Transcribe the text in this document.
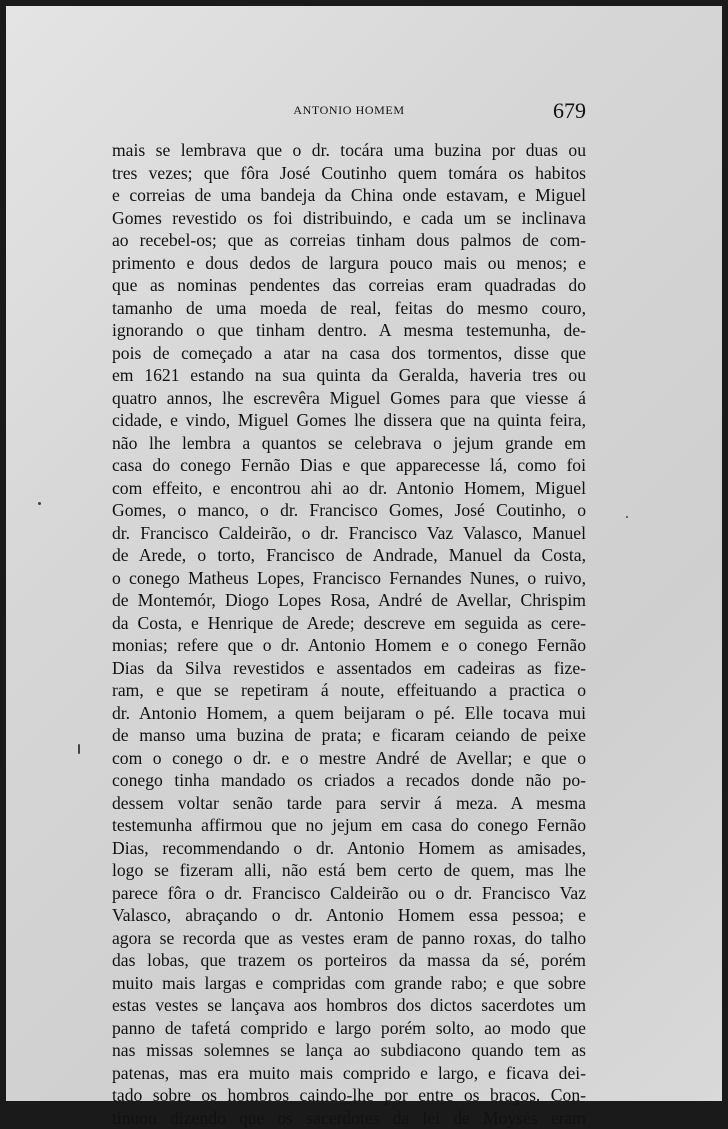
ANTONIO HOMEM	679
mais se lembrava que o dr. tocára uma buzina por duas ou
tres vezes; que fôra José Coutinho quem tomára os habitos
e correias de uma bandeja da China onde estavam, e Miguel
Gomes revestido os foi distribuindo, e cada um se inclinava
ao recebel-os; que as correias tinham dous palmos de com-
primento e dous dedos de largura pouco mais ou menos; e
que as nominas pendentes das correias eram quadradas do
tamanho de uma moeda de real, feitas do mesmo couro,
ignorando o que tinham dentro. A mesma testemunha, de-
pois de começado a atar na casa dos tormentos, disse que
em 1621 estando na sua quinta da Geralda, haveria tres ou
quatro annos, lhe escrevêra Miguel Gomes para que viesse á
cidade, e vindo, Miguel Gomes lhe dissera que na quinta feira,
não lhe lembra a quantos se celebrava o jejum grande em
casa do conego Fernão Dias e que apparecesse lá, como foi
com effeito, e encontrou ahi ao dr. Antonio Homem, Miguel
Gomes, o manco, o dr. Francisco Gomes, José Coutinho, o
dr. Francisco Caldeirão, o dr. Francisco Vaz Valasco, Manuel
de Arede, o torto, Francisco de Andrade, Manuel da Costa,
o conego Matheus Lopes, Francisco Fernandes Nunes, o ruivo,
de Montemór, Diogo Lopes Rosa, André de Avellar, Chrispim
da Costa, e Henrique de Arede; descreve em seguida as cere-
monias; refere que o dr. Antonio Homem e o conego Fernão
Dias da Silva revestidos e assentados em cadeiras as fize-
ram, e que se repetiram á noute, effeituando a practica o
dr. Antonio Homem, a quem beijaram o pé. Elle tocava mui
de manso uma buzina de prata; e ficaram ceiando de peixe
com o conego o dr. e o mestre André de Avellar; e que o
conego tinha mandado os criados a recados donde não po-
dessem voltar senão tarde para servir á meza. A mesma
testemunha affirmou que no jejum em casa do conego Fernão
Dias, recommendando o dr. Antonio Homem as amisades,
logo se fizeram alli, não está bem certo de quem, mas lhe
parece fôra o dr. Francisco Caldeirão ou o dr. Francisco Vaz
Valasco, abraçando o dr. Antonio Homem essa pessoa; e
agora se recorda que as vestes eram de panno roxas, do talho
das lobas, que trazem os porteiros da massa da sé, porém
muito mais largas e compridas com grande rabo; e que sobre
estas vestes se lançava aos hombros dos dictos sacerdotes um
panno de tafetá comprido e largo porém solto, ao modo que
nas missas solemnes se lança ao subdiacono quando tem as
patenas, mas era muito mais comprido e largo, e ficava dei-
tado sobre os hombros caindo-lhe por entre os braços. Con-
tinuou dizendo que os sacerdotes da lei de Moysés eram
